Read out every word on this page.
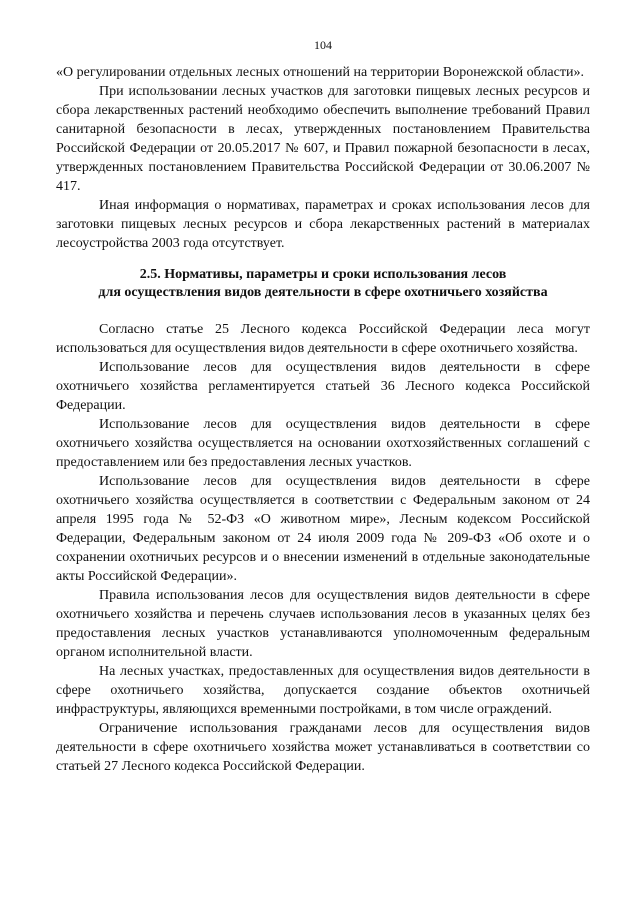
104

«О регулировании отдельных лесных отношений на территории Воронежской области».

При использовании лесных участков для заготовки пищевых лесных ресурсов и сбора лекарственных растений необходимо обеспечить выполнение требований Правил санитарной безопасности в лесах, утвержденных постановлением Правительства Российской Федерации от 20.05.2017 № 607, и Правил пожарной безопасности в лесах, утвержденных постановлением Правительства Российской Федерации от 30.06.2007 № 417.

Иная информация о нормативах, параметрах и сроках использования лесов для заготовки пищевых лесных ресурсов и сбора лекарственных растений в материалах лесоустройства 2003 года отсутствует.

2.5. Нормативы, параметры и сроки использования лесов
для осуществления видов деятельности в сфере охотничьего хозяйства

Согласно статье 25 Лесного кодекса Российской Федерации леса могут использоваться для осуществления видов деятельности в сфере охотничьего хозяйства.

Использование лесов для осуществления видов деятельности в сфере охотничьего хозяйства регламентируется статьей 36 Лесного кодекса Российской Федерации.

Использование лесов для осуществления видов деятельности в сфере охотничьего хозяйства осуществляется на основании охотхозяйственных соглашений с предоставлением или без предоставления лесных участков.

Использование лесов для осуществления видов деятельности в сфере охотничьего хозяйства осуществляется в соответствии с Федеральным законом от 24 апреля 1995 года № 52-ФЗ «О животном мире», Лесным кодексом Российской Федерации, Федеральным законом от 24 июля 2009 года № 209-ФЗ «Об охоте и о сохранении охотничьих ресурсов и о внесении изменений в отдельные законодательные акты Российской Федерации».

Правила использования лесов для осуществления видов деятельности в сфере охотничьего хозяйства и перечень случаев использования лесов в указанных целях без предоставления лесных участков устанавливаются уполномоченным федеральным органом исполнительной власти.

На лесных участках, предоставленных для осуществления видов деятельности в сфере охотничьего хозяйства, допускается создание объектов охотничьей инфраструктуры, являющихся временными постройками, в том числе ограждений.

Ограничение использования гражданами лесов для осуществления видов деятельности в сфере охотничьего хозяйства может устанавливаться в соответствии со статьей 27 Лесного кодекса Российской Федерации.
